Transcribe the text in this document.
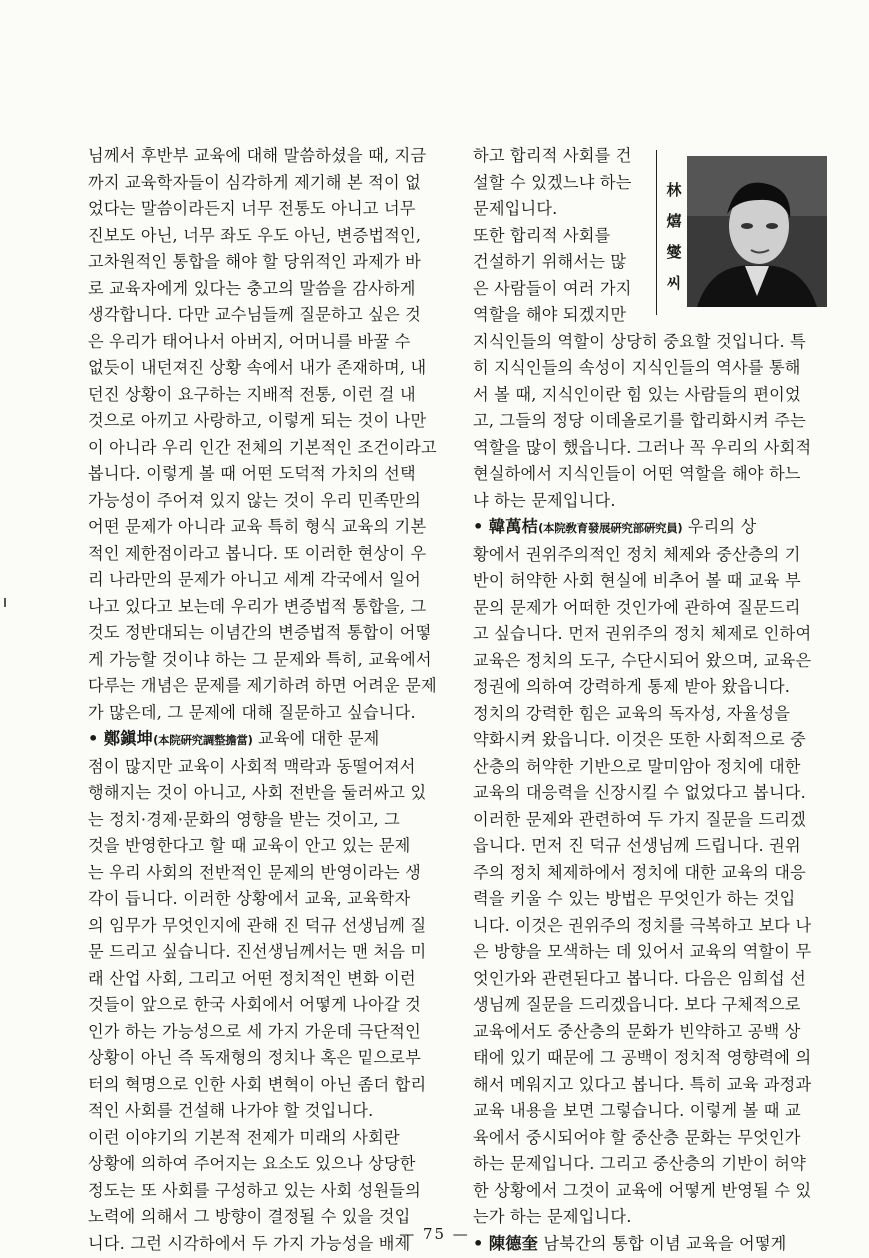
님께서 후반부 교육에 대해 말씀하셨을 때, 지금

까지 교육학자들이 심각하게 제기해 본 적이 없

었다는 말씀이라든지 너무 전통도 아니고 너무

진보도 아닌, 너무 좌도 우도 아닌, 변증법적인,

고차원적인 통합을 해야 할 당위적인 과제가 바

로 교육자에게 있다는 충고의 말씀을 감사하게

생각합니다. 다만 교수님들께 질문하고 싶은 것

은 우리가 태어나서 아버지, 어머니를 바꿀 수

없듯이 내던져진 상황 속에서 내가 존재하며, 내

던진 상황이 요구하는 지배적 전통, 이런 걸 내

것으로 아끼고 사랑하고, 이렇게 되는 것이 나만

이 아니라 우리 인간 전체의 기본적인 조건이라고

봅니다. 이렇게 볼 때 어떤 도덕적 가치의 선택

가능성이 주어져 있지 않는 것이 우리 민족만의

어떤 문제가 아니라 교육 특히 형식 교육의 기본

적인 제한점이라고 봅니다. 또 이러한 현상이 우

리 나라만의 문제가 아니고 세계 각국에서 일어

나고 있다고 보는데 우리가 변증법적 통합을, 그

것도 정반대되는 이념간의 변증법적 통합이 어떻

게 가능할 것이냐 하는 그 문제와 특히, 교육에서

다루는 개념은 문제를 제기하려 하면 어려운 문제

가 많은데, 그 문제에 대해 질문하고 싶습니다.

• 鄭鎭坤(本院硏究調整擔當) 교육에 대한 문제

점이 많지만 교육이 사회적 맥락과 동떨어져서

행해지는 것이 아니고, 사회 전반을 둘러싸고 있

는 정치·경제·문화의 영향을 받는 것이고, 그

것을 반영한다고 할 때 교육이 안고 있는 문제

는 우리 사회의 전반적인 문제의 반영이라는 생

각이 듭니다. 이러한 상황에서 교육, 교육학자

의 임무가 무엇인지에 관해 진 덕규 선생님께 질

문 드리고 싶습니다. 진선생님께서는 맨 처음 미

래 산업 사회, 그리고 어떤 정치적인 변화 이런

것들이 앞으로 한국 사회에서 어떻게 나아갈 것

인가 하는 가능성으로 세 가지 가운데 극단적인

상황이 아닌 즉 독재형의 정치나 혹은 밑으로부

터의 혁명으로 인한 사회 변혁이 아닌 좀더 합리

적인 사회를 건설해 나가야 할 것입니다.

이런 이야기의 기본적 전제가 미래의 사회란

상황에 의하여 주어지는 요소도 있으나 상당한

정도는 또 사회를 구성하고 있는 사회 성원들의

노력에 의해서 그 방향이 결정될 수 있을 것입

니다. 그런 시각하에서 두 가지 가능성을 배제

하고 합리적 사회를 건

설할 수 있겠느냐 하는

문제입니다.

또한 합리적 사회를

건설하기 위해서는 많

은 사람들이 여러 가지

역할을 해야 되겠지만

지식인들의 역할이 상당히 중요할 것입니다. 특

히 지식인들의 속성이 지식인들의 역사를 통해

서 볼 때, 지식인이란 힘 있는 사람들의 편이었

고, 그들의 정당 이데올로기를 합리화시켜 주는

역할을 많이 했읍니다. 그러나 꼭 우리의 사회적

현실하에서 지식인들이 어떤 역할을 해야 하느

냐 하는 문제입니다.

• 韓萬桔(本院敎育發展硏究部硏究員) 우리의 상

황에서 권위주의적인 정치 체제와 중산층의 기

반이 허약한 사회 현실에 비추어 볼 때 교육 부

문의 문제가 어떠한 것인가에 관하여 질문드리

고 싶습니다. 먼저 권위주의 정치 체제로 인하여

교육은 정치의 도구, 수단시되어 왔으며, 교육은

정권에 의하여 강력하게 통제 받아 왔읍니다.

정치의 강력한 힘은 교육의 독자성, 자율성을

약화시켜 왔읍니다. 이것은 또한 사회적으로 중

산층의 허약한 기반으로 말미암아 정치에 대한

교육의 대응력을 신장시킬 수 없었다고 봅니다.

이러한 문제와 관련하여 두 가지 질문을 드리겠

읍니다. 먼저 진 덕규 선생님께 드립니다. 권위

주의 정치 체제하에서 정치에 대한 교육의 대응

력을 키울 수 있는 방법은 무엇인가 하는 것입

니다. 이것은 권위주의 정치를 극복하고 보다 나

은 방향을 모색하는 데 있어서 교육의 역할이 무

엇인가와 관련된다고 봅니다. 다음은 임희섭 선

생님께 질문을 드리겠읍니다. 보다 구체적으로

교육에서도 중산층의 문화가 빈약하고 공백 상

태에 있기 때문에 그 공백이 정치적 영향력에 의

해서 메워지고 있다고 봅니다. 특히 교육 과정과

교육 내용을 보면 그렇습니다. 이렇게 볼 때 교

육에서 중시되어야 할 중산층 문화는 무엇인가

하는 문제입니다. 그리고 중산층의 기반이 허약

한 상황에서 그것이 교육에 어떻게 반영될 수 있

는가 하는 문제입니다.

• 陳德奎 남북간의 통합 이념 교육을 어떻게

林
熺
燮
씨
— 75 —
